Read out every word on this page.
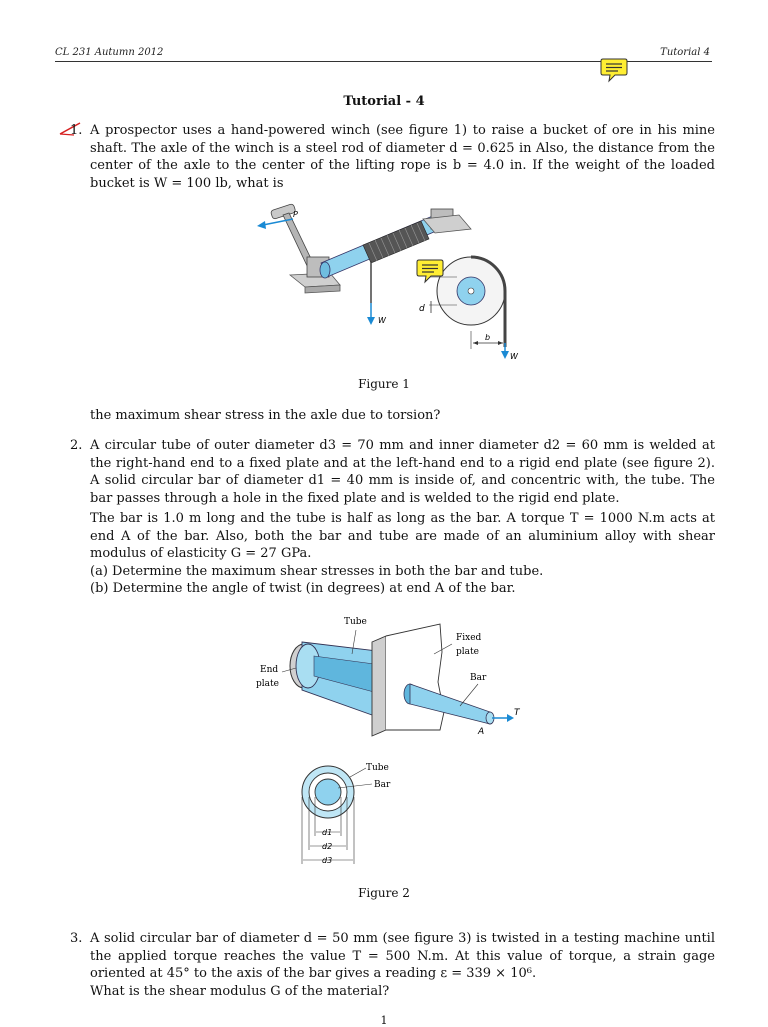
CL 231 Autumn 2012	Tutorial 4
Tutorial - 4
1. A prospector uses a hand-powered winch (see figure 1) to raise a bucket of ore in his mine shaft. The axle of the winch is a steel rod of diameter d = 0.625 in Also, the distance from the center of the axle to the center of the lifting rope is b = 4.0 in. If the weight of the loaded bucket is W = 100 lb, what is

P
W
W
d
b
Figure 1
the maximum shear stress in the axle due to torsion?
2. A circular tube of outer diameter d3 = 70 mm and inner diameter d2 = 60 mm is welded at the right-hand end to a fixed plate and at the left-hand end to a rigid end plate (see figure 2). A solid circular bar of diameter d1 = 40 mm is inside of, and concentric with, the tube. The bar passes through a hole in the fixed plate and is welded to the rigid end plate.

The bar is 1.0 m long and the tube is half as long as the bar. A torque T = 1000 N.m acts at end A of the bar. Also, both the bar and tube are made of an aluminium alloy with shear modulus of elasticity G = 27 GPa.

(a) Determine the maximum shear stresses in both the bar and tube.

(b) Determine the angle of twist (in degrees) at end A of the bar.

Tube
Fixed
plate
End
plate
Bar
T
A
Tube
Bar
d1
d2
d3
Figure 2
3. A solid circular bar of diameter d = 50 mm (see figure 3) is twisted in a testing machine until the applied torque reaches the value T = 500 N.m. At this value of torque, a strain gage oriented at 45° to the axis of the bar gives a reading ε = 339 × 10⁶.

What is the shear modulus G of the material?

1
